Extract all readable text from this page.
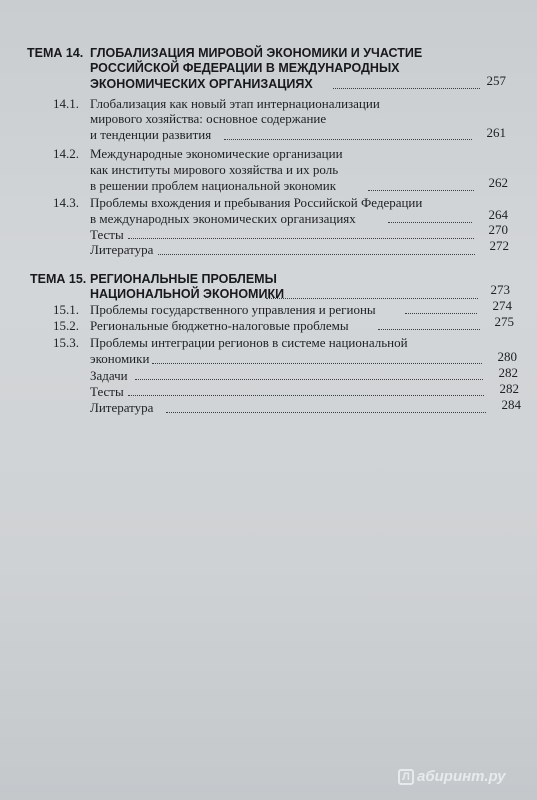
ТЕМА 14. ГЛОБАЛИЗАЦИЯ МИРОВОЙ ЭКОНОМИКИ И УЧАСТИЕ
РОССИЙСКОЙ ФЕДЕРАЦИИ В МЕЖДУНАРОДНЫХ
ЭКОНОМИЧЕСКИХ ОРГАНИЗАЦИЯХ	257
14.1. Глобализация как новый этап интернационализации
мирового хозяйства: основное содержание
и тенденции развития	261
14.2. Международные экономические организации
как институты мирового хозяйства и их роль
в решении проблем национальной экономик	262
14.3. Проблемы вхождения и пребывания Российской Федерации
в международных экономических организациях	264
Тесты	270
Литература	272
ТЕМА 15. РЕГИОНАЛЬНЫЕ ПРОБЛЕМЫ
НАЦИОНАЛЬНОЙ ЭКОНОМИКИ	273
15.1. Проблемы государственного управления и регионы	274
15.2. Региональные бюджетно-налоговые проблемы	275
15.3. Проблемы интеграции регионов в системе национальной
экономики	280
Задачи	282
Тесты	282
Литература	284
Л абиринт.ру
